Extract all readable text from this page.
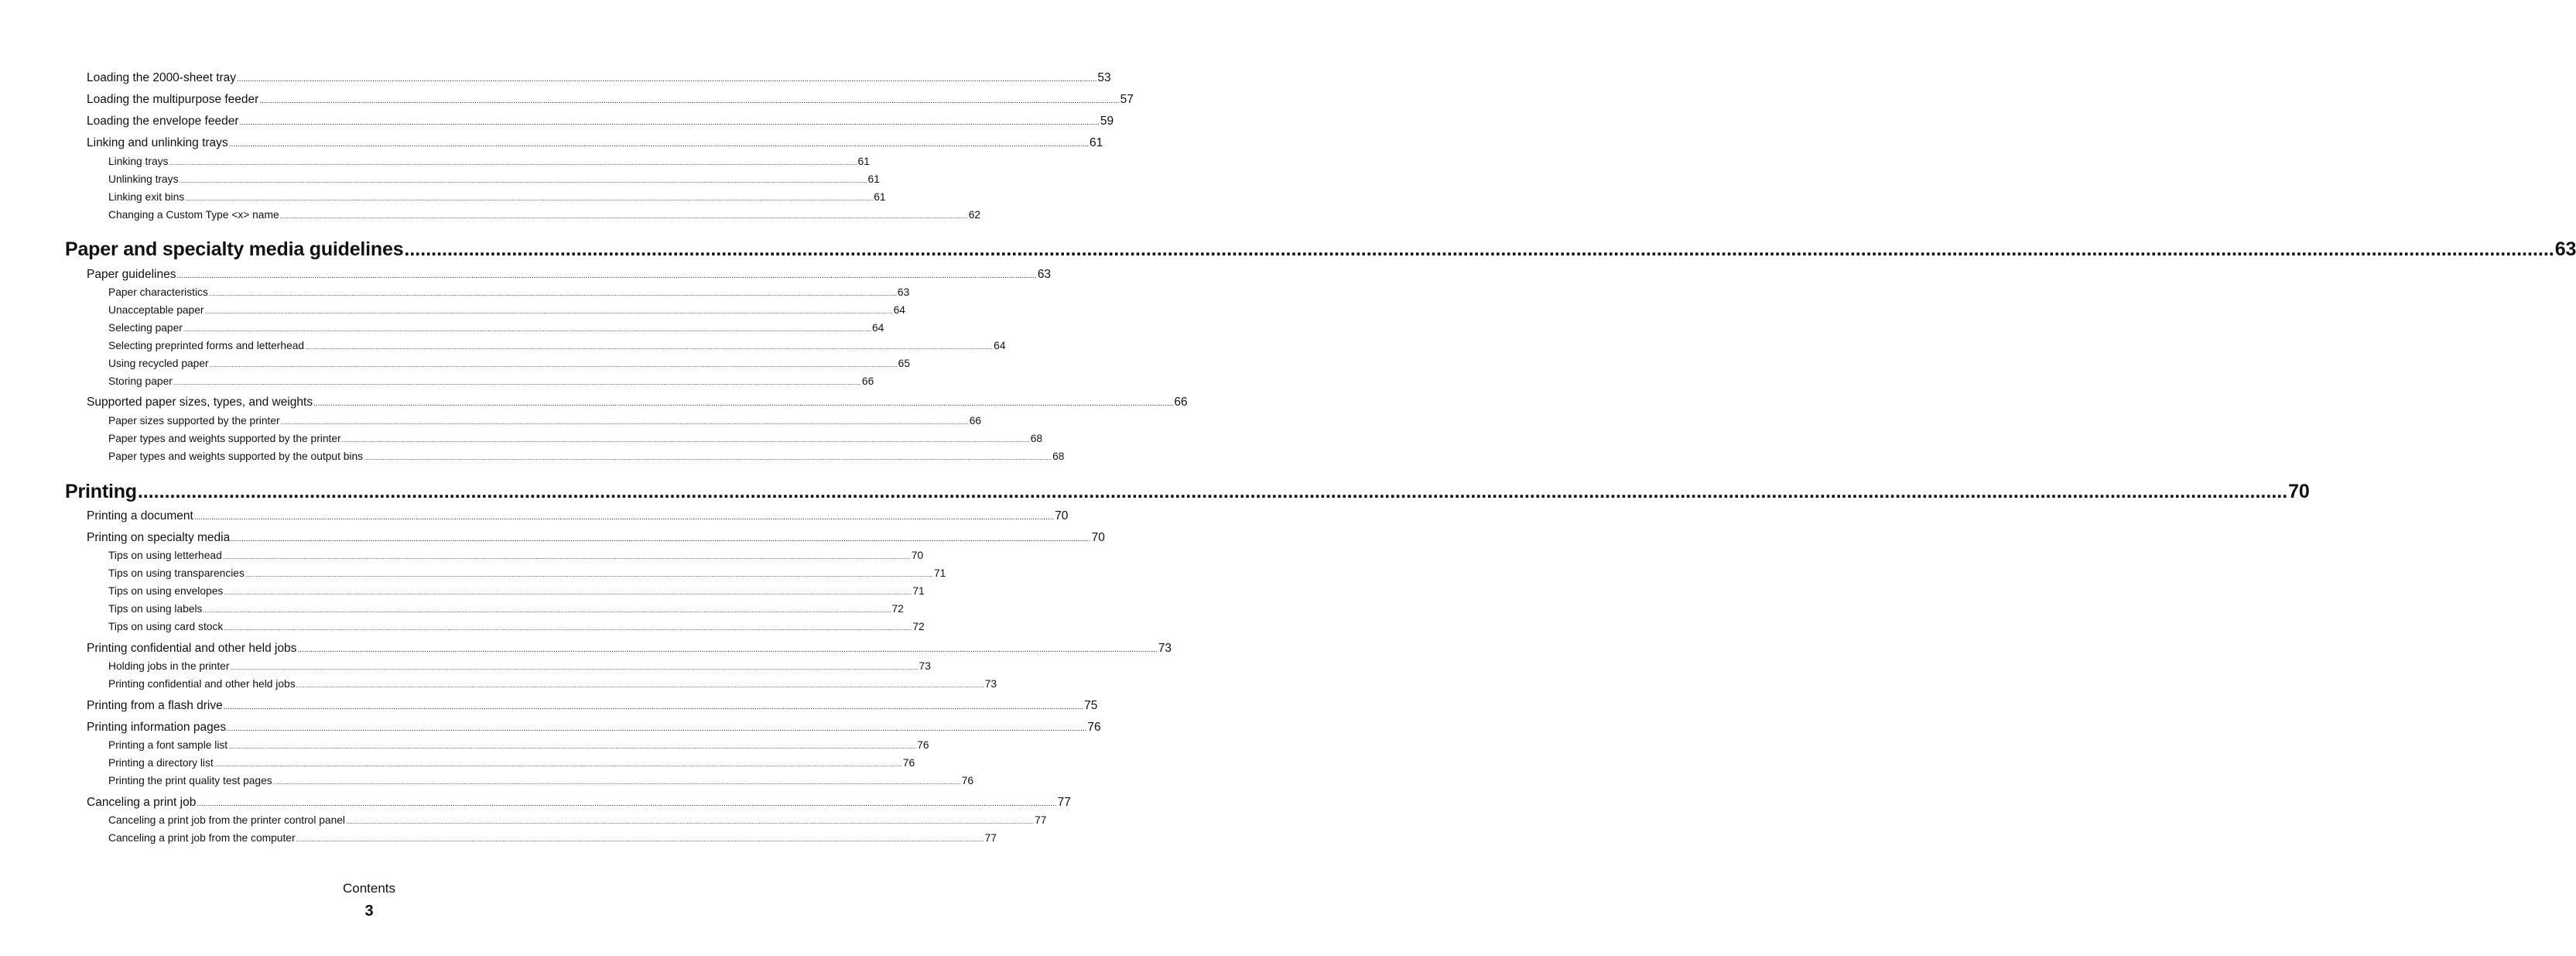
Loading the 2000-sheet tray ................................................................................................................................................................................................................................................................................................................................................................................................................ 53
Loading the multipurpose feeder ................................................................................................................................................................................................................................................................................................................................................................................................................ 57
Loading the envelope feeder ................................................................................................................................................................................................................................................................................................................................................................................................................ 59
Linking and unlinking trays ................................................................................................................................................................................................................................................................................................................................................................................................................ 61
Linking trays ................................................................................................................................................................................................................................................................................................................................................................................................................ 61
Unlinking trays ................................................................................................................................................................................................................................................................................................................................................................................................................ 61
Linking exit bins ................................................................................................................................................................................................................................................................................................................................................................................................................ 61
Changing a Custom Type <x> name ................................................................................................................................................................................................................................................................................................................................................................................................................ 62
Paper and specialty media guidelines ................................................................................................................................................................................................................................................................................................................................................................................................................ 63
Paper guidelines ................................................................................................................................................................................................................................................................................................................................................................................................................ 63
Paper characteristics ................................................................................................................................................................................................................................................................................................................................................................................................................ 63
Unacceptable paper ................................................................................................................................................................................................................................................................................................................................................................................................................ 64
Selecting paper ................................................................................................................................................................................................................................................................................................................................................................................................................ 64
Selecting preprinted forms and letterhead ................................................................................................................................................................................................................................................................................................................................................................................................................ 64
Using recycled paper ................................................................................................................................................................................................................................................................................................................................................................................................................ 65
Storing paper ................................................................................................................................................................................................................................................................................................................................................................................................................ 66
Supported paper sizes, types, and weights ................................................................................................................................................................................................................................................................................................................................................................................................................ 66
Paper sizes supported by the printer ................................................................................................................................................................................................................................................................................................................................................................................................................ 66
Paper types and weights supported by the printer ................................................................................................................................................................................................................................................................................................................................................................................................................ 68
Paper types and weights supported by the output bins ................................................................................................................................................................................................................................................................................................................................................................................................................ 68
Printing ................................................................................................................................................................................................................................................................................................................................................................................................................ 70
Printing a document ................................................................................................................................................................................................................................................................................................................................................................................................................ 70
Printing on specialty media ................................................................................................................................................................................................................................................................................................................................................................................................................ 70
Tips on using letterhead ................................................................................................................................................................................................................................................................................................................................................................................................................ 70
Tips on using transparencies ................................................................................................................................................................................................................................................................................................................................................................................................................ 71
Tips on using envelopes ................................................................................................................................................................................................................................................................................................................................................................................................................ 71
Tips on using labels ................................................................................................................................................................................................................................................................................................................................................................................................................ 72
Tips on using card stock ................................................................................................................................................................................................................................................................................................................................................................................................................ 72
Printing confidential and other held jobs ................................................................................................................................................................................................................................................................................................................................................................................................................ 73
Holding jobs in the printer ................................................................................................................................................................................................................................................................................................................................................................................................................ 73
Printing confidential and other held jobs ................................................................................................................................................................................................................................................................................................................................................................................................................ 73
Printing from a flash drive ................................................................................................................................................................................................................................................................................................................................................................................................................ 75
Printing information pages ................................................................................................................................................................................................................................................................................................................................................................................................................ 76
Printing a font sample list ................................................................................................................................................................................................................................................................................................................................................................................................................ 76
Printing a directory list ................................................................................................................................................................................................................................................................................................................................................................................................................ 76
Printing the print quality test pages ................................................................................................................................................................................................................................................................................................................................................................................................................ 76
Canceling a print job ................................................................................................................................................................................................................................................................................................................................................................................................................ 77
Canceling a print job from the printer control panel ................................................................................................................................................................................................................................................................................................................................................................................................................ 77
Canceling a print job from the computer ................................................................................................................................................................................................................................................................................................................................................................................................................ 77
Contents
3
